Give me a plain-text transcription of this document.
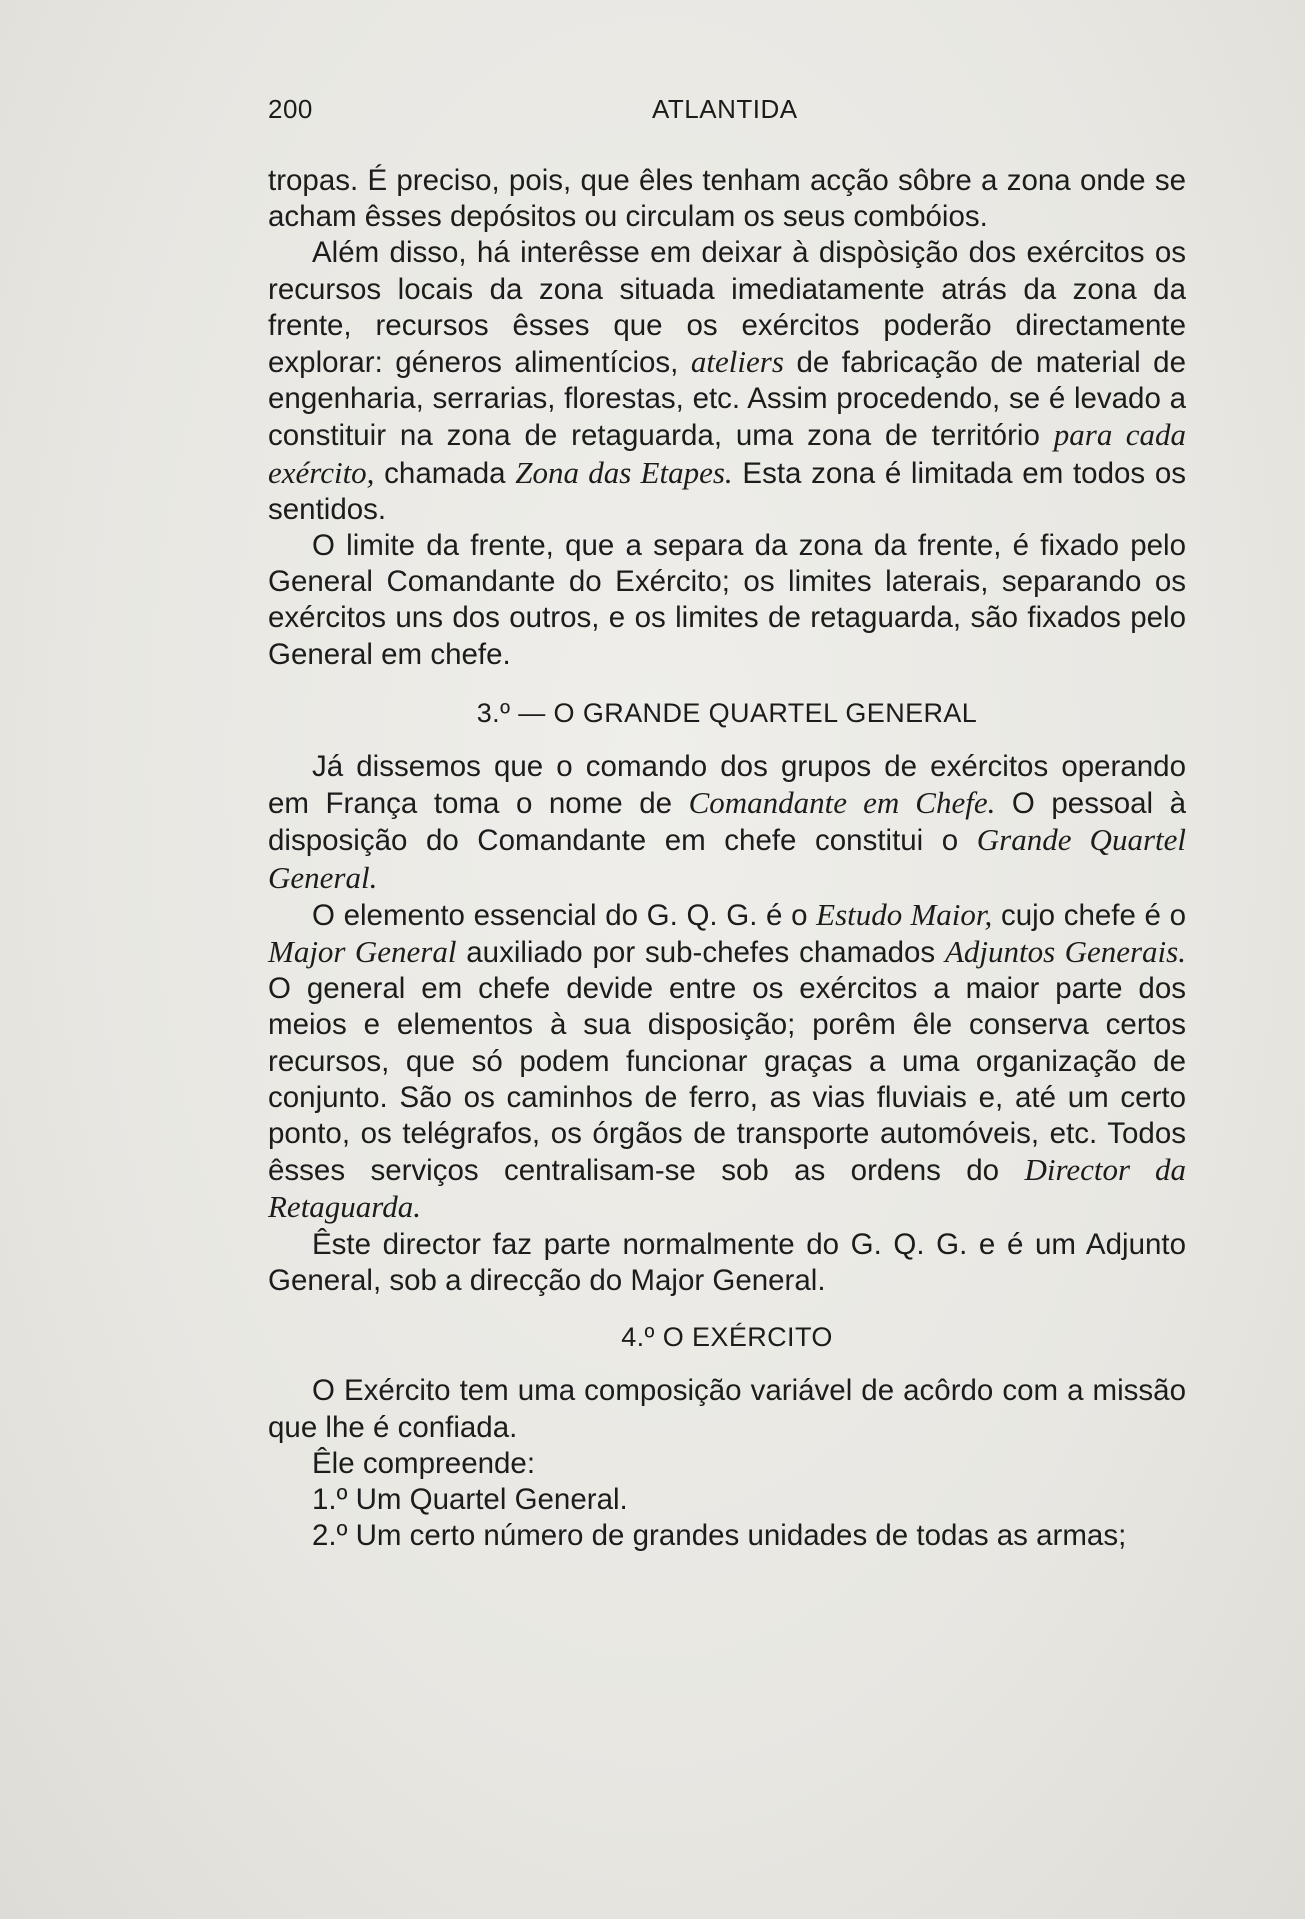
200	ATLANTIDA

tropas. É preciso, pois, que êles tenham acção sôbre a zona onde se acham êsses depósitos ou circulam os seus combóios.

Além disso, há interêsse em deixar à dispòsição dos exércitos os recursos locais da zona situada imediatamente atrás da zona da frente, recursos êsses que os exércitos poderão directamente explorar: géneros alimentícios, ateliers de fabricação de material de engenharia, serrarias, florestas, etc. Assim procedendo, se é levado a constituir na zona de retaguarda, uma zona de território para cada exército, chamada Zona das Etapes. Esta zona é limitada em todos os sentidos.

O limite da frente, que a separa da zona da frente, é fixado pelo General Comandante do Exército; os limites laterais, separando os exércitos uns dos outros, e os limites de retaguarda, são fixados pelo General em chefe.

3.º — O GRANDE QUARTEL GENERAL

Já dissemos que o comando dos grupos de exércitos operando em França toma o nome de Comandante em Chefe. O pessoal à disposição do Comandante em chefe constitui o Grande Quartel General.

O elemento essencial do G. Q. G. é o Estudo Maior, cujo chefe é o Major General auxiliado por sub-chefes chamados Adjuntos Generais. O general em chefe devide entre os exércitos a maior parte dos meios e elementos à sua disposição; porêm êle conserva certos recursos, que só podem funcionar graças a uma organização de conjunto. São os caminhos de ferro, as vias fluviais e, até um certo ponto, os telégrafos, os órgãos de transporte automóveis, etc. Todos êsses serviços centralisam-se sob as ordens do Director da Retaguarda.

Êste director faz parte normalmente do G. Q. G. e é um Adjunto General, sob a direcção do Major General.

4.º O EXÉRCITO

O Exército tem uma composição variável de acôrdo com a missão que lhe é confiada.

Êle compreende:

1.º Um Quartel General.

2.º Um certo número de grandes unidades de todas as armas;
